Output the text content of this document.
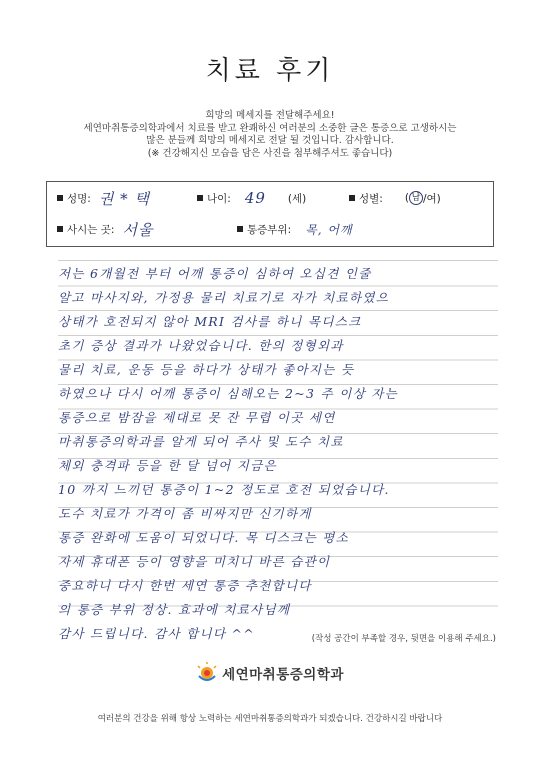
치료 후기
희망의 메세지를 전달해주세요!
세연마취통증의학과에서 치료를 받고 완쾌하신 여러분의 소중한 글은 통증으로 고생하시는
많은 분들께 희망의 메세지로 전달 될 것입니다. 감사합니다.
(※ 건강해지신 모습을 담은 사진을 첨부해주셔도 좋습니다)
성명: 권 * 택	나이: 49 (세)	성별: ( 남 /여)
사시는 곳: 서울	통증부위: 목, 어깨
저는 6개월전 부터 어깨 통증이 심하여 오십견 인줄
알고 마사지와, 가정용 물리 치료기로 자가 치료하였으
상태가 호전되지 않아 MRI 검사를 하니 목디스크
초기 증상 결과가 나왔었습니다. 한의 정형외과
물리 치료, 운동 등을 하다가 상태가 좋아지는 듯
하였으나 다시 어깨 통증이 심해오는 2~3 주 이상 자는
통증으로 밤잠을 제대로 못 잔 무렵 이곳 세연
마취통증의학과를 알게 되어 주사 및 도수 치료
체외 충격파 등을 한 달 넘어 지금은
10 까지 느끼던 통증이 1~2 정도로 호전 되었습니다.
도수 치료가 가격이 좀 비싸지만 신기하게
통증 완화에 도움이 되었니다. 목 디스크는 평소
자세 휴대폰 등이 영향을 미치니 바른 습관이
중요하니 다시 한번 세연 통증 추천합니다
의 통증 부위 정상. 효과에 치료사님께
감사 드립니다. 감사 합니다 ^^	(작성 공간이 부족할 경우, 뒷면을 이용해 주세요.)
세연마취통증의학과
여러분의 건강을 위해 항상 노력하는 세연마취통증의학과가 되겠습니다. 건강하시길 바랍니다
